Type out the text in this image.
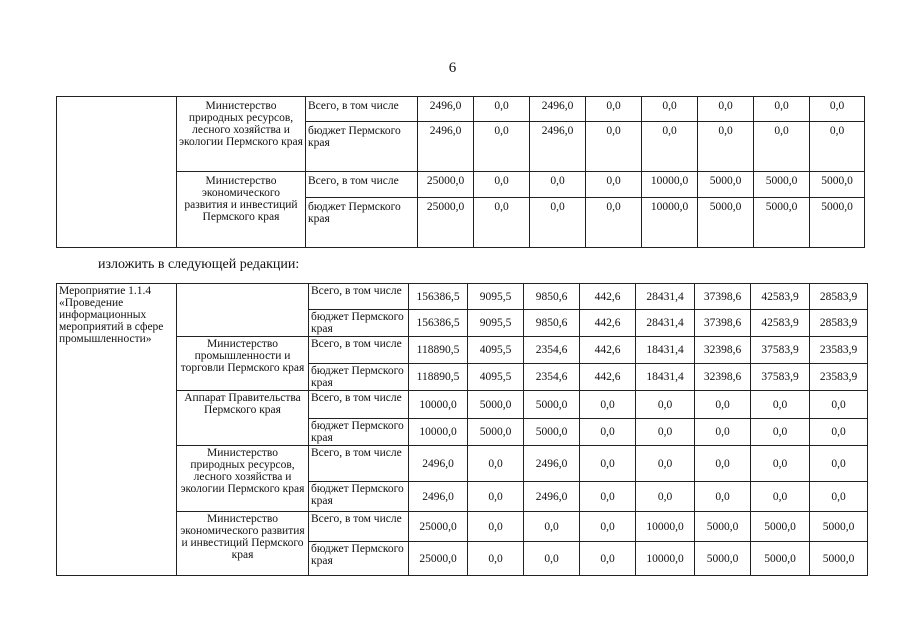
6
	Министерство природных ресурсов, лесного хозяйства и экологии Пермского края	Всего, в том числе	2496,0	0,0	2496,0	0,0	0,0	0,0	0,0	0,0
		бюджет Пермского края	2496,0	0,0	2496,0	0,0	0,0	0,0	0,0	0,0
	Министерство экономического развития и инвестиций Пермского края	Всего, в том числе	25000,0	0,0	0,0	0,0	10000,0	5000,0	5000,0	5000,0
		бюджет Пермского края	25000,0	0,0	0,0	0,0	10000,0	5000,0	5000,0	5000,0
изложить в следующей редакции:
Мероприятие 1.1.4 «Проведение информационных мероприятий в сфере промышленности»		Всего, в том числе	156386,5	9095,5	9850,6	442,6	28431,4	37398,6	42583,9	28583,9
		бюджет Пермского края	156386,5	9095,5	9850,6	442,6	28431,4	37398,6	42583,9	28583,9
	Министерство промышленности и торговли Пермского края	Всего, в том числе	118890,5	4095,5	2354,6	442,6	18431,4	32398,6	37583,9	23583,9
		бюджет Пермского края	118890,5	4095,5	2354,6	442,6	18431,4	32398,6	37583,9	23583,9
	Аппарат Правительства Пермского края	Всего, в том числе	10000,0	5000,0	5000,0	0,0	0,0	0,0	0,0	0,0
		бюджет Пермского края	10000,0	5000,0	5000,0	0,0	0,0	0,0	0,0	0,0
	Министерство природных ресурсов, лесного хозяйства и экологии Пермского края	Всего, в том числе	2496,0	0,0	2496,0	0,0	0,0	0,0	0,0	0,0
		бюджет Пермского края	2496,0	0,0	2496,0	0,0	0,0	0,0	0,0	0,0
	Министерство экономического развития и инвестиций Пермского края	Всего, в том числе	25000,0	0,0	0,0	0,0	10000,0	5000,0	5000,0	5000,0
		бюджет Пермского края	25000,0	0,0	0,0	0,0	10000,0	5000,0	5000,0	5000,0
